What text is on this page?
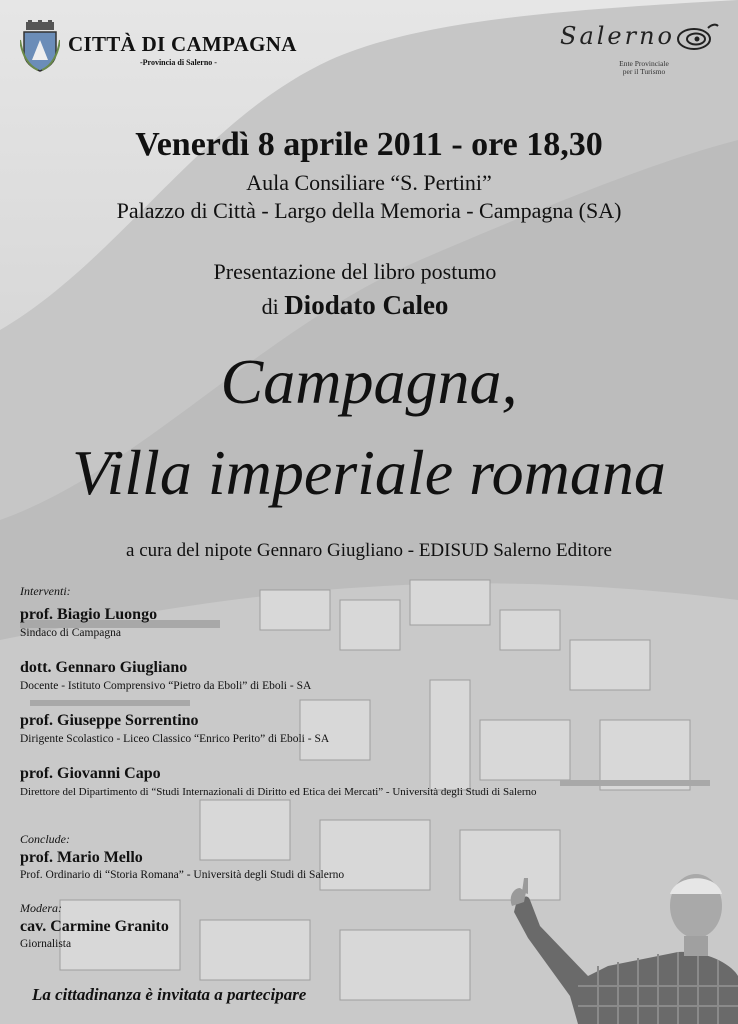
CITTÀ DI CAMPAGNA
-Provincia di Salerno -
Salerno
Ente Provinciale
per il Turismo
Venerdì 8 aprile 2011 - ore 18,30
Aula Consiliare “S. Pertini”
Palazzo di Città - Largo della Memoria - Campagna (SA)
Presentazione del libro postumo
di Diodato Caleo
Campagna,
Villa imperiale romana
a cura del nipote Gennaro Giugliano - EDISUD Salerno Editore
Interventi:
prof. Biagio Luongo
Sindaco di Campagna
dott. Gennaro Giugliano
Docente - Istituto Comprensivo “Pietro da Eboli” di Eboli - SA
prof. Giuseppe Sorrentino
Dirigente Scolastico - Liceo Classico “Enrico Perito” di Eboli - SA
prof. Giovanni Capo
Direttore del Dipartimento di “Studi Internazionali di Diritto ed Etica dei Mercati” - Università degli Studi di Salerno
Conclude:
prof. Mario Mello
Prof. Ordinario di “Storia Romana” - Università degli Studi di Salerno
Modera:
cav. Carmine Granito
Giornalista
La cittadinanza è invitata a partecipare
